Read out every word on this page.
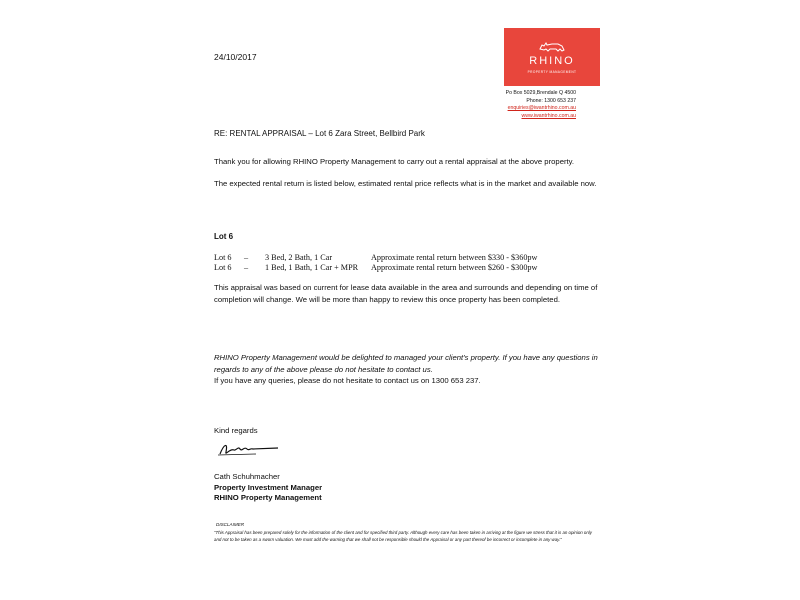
24/10/2017	RHINO
PROPERTY MANAGEMENT
Po Box 5029,Brendale Q 4500
Phone: 1300 653 237
enquiries@iwantrhino.com.au
www.iwantrhino.com.au
RE: RENTAL APPRAISAL – Lot 6 Zara Street, Bellbird Park
Thank you for allowing RHINO Property Management to carry out a rental appraisal at the above property.
The expected rental return is listed below, estimated rental price reflects what is in the market and available now.
Lot 6
Lot 6 – 3 Bed, 2 Bath, 1 Car	Approximate rental return between $330 - $360pw
Lot 6 – 1 Bed, 1 Bath, 1 Car + MPR Approximate rental return between $260 - $300pw
This appraisal was based on current for lease data available in the area and surrounds and depending on time of completion will change. We will be more than happy to review this once property has been completed.
RHINO Property Management would be delighted to managed your client's property. If you have any questions in regards to any of the above please do not hesitate to contact us.
If you have any queries, please do not hesitate to contact us on 1300 653 237.
Kind regards
Cath Schuhmacher
Property Investment Manager
RHINO Property Management
DISCLAIMER
"This Appraisal has been prepared solely for the information of the client and for specified third party. Although every care has been taken in arriving at the figure we stress that it is an opinion only and not to be taken as a sworn valuation. We must add the warning that we shall not be responsible should the Appraisal or any part thereof be incorrect or incomplete in any way."
